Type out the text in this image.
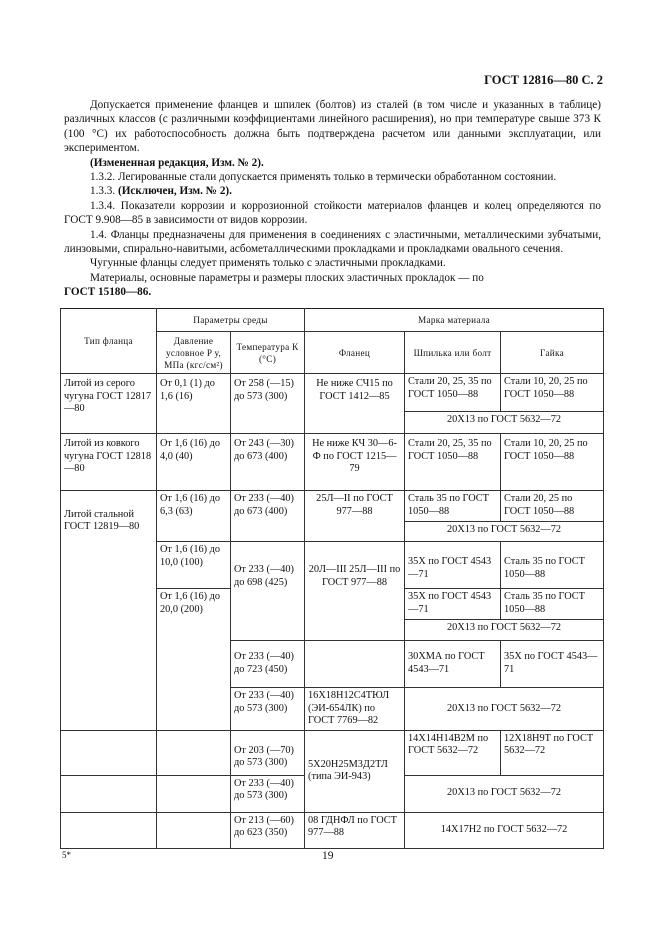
ГОСТ 12816—80 С. 2

Допускается применение фланцев и шпилек (болтов) из сталей (в том числе и указанных в таблице) различных классов (с различными коэффициентами линейного расширения), но при температуре свыше 373 К (100 °С) их работоспособность должна быть подтверждена расчетом или данными эксплуатации, или экспериментом.

(Измененная редакция, Изм. № 2).

1.3.2. Легированные стали допускается применять только в термически обработанном состоянии.

1.3.3. (Исключен, Изм. № 2).

1.3.4. Показатели коррозии и коррозионной стойкости материалов фланцев и колец определяются по ГОСТ 9.908—85 в зависимости от видов коррозии.

1.4. Фланцы предназначены для применения в соединениях с эластичными, металлическими зубчатыми, линзовыми, спирально-навитыми, асбометаллическими прокладками и прокладками овального сечения.

Чугунные фланцы следует применять только с эластичными прокладками.

Материалы, основные параметры и размеры плоских эластичных прокладок — по
ГОСТ 15180—86.

Тип фланца	Параметры среды		Марка материала		
	Давление условное P у, МПа (кгс/см²)	Температура К (°С)	Фланец	Шпилька или болт	Гайка
Литой из серого чугуна ГОСТ 12817—80	От 0,1 (1) до 1,6 (16)	От 258 (—15) до 573 (300)	Не ниже СЧ15 по ГОСТ 1412—85	Стали 20, 25, 35 по ГОСТ 1050—88	Стали 10, 20, 25 по ГОСТ 1050—88
				20Х13 по ГОСТ 5632—72	
Литой из ковкого чугуна ГОСТ 12818—80	От 1,6 (16) до 4,0 (40)	От 243 (—30) до 673 (400)	Не ниже КЧ 30—6-Ф по ГОСТ 1215—79	Стали 20, 25, 35 по ГОСТ 1050—88	Стали 10, 20, 25 по ГОСТ 1050—88
Литой стальной ГОСТ 12819—80	От 1,6 (16) до 6,3 (63)	От 233 (—40) до 673 (400)	25Л—II по ГОСТ 977—88	Сталь 35 по ГОСТ 1050—88	Стали 20, 25 по ГОСТ 1050—88
				20Х13 по ГОСТ 5632—72	
	От 1,6 (16) до 10,0 (100)	От 233 (—40) до 698 (425)	20Л—III 25Л—III по ГОСТ 977—88	35Х по ГОСТ 4543—71	Сталь 35 по ГОСТ 1050—88
	От 1,6 (16) до 20,0 (200)			35Х по ГОСТ 4543—71	Сталь 35 по ГОСТ 1050—88
				20Х13 по ГОСТ 5632—72	
		От 233 (—40) до 723 (450)		30ХМА по ГОСТ 4543—71	35Х по ГОСТ 4543—71
		От 233 (—40) до 573 (300)	16Х18Н12С4ТЮЛ (ЭИ-654ЛК) по ГОСТ 7769—82	20Х13 по ГОСТ 5632—72	
		От 203 (—70) до 573 (300)	5Х20Н25М3Д2ТЛ (типа ЭИ-943)	14Х14Н14В2М по ГОСТ 5632—72	12Х18Н9Т по ГОСТ 5632—72
		От 233 (—40) до 573 (300)		20Х13 по ГОСТ 5632—72	
		От 213 (—60) до 623 (350)	08 ГДНФЛ по ГОСТ 977—88	14Х17Н2 по ГОСТ 5632—72	
5*	19
